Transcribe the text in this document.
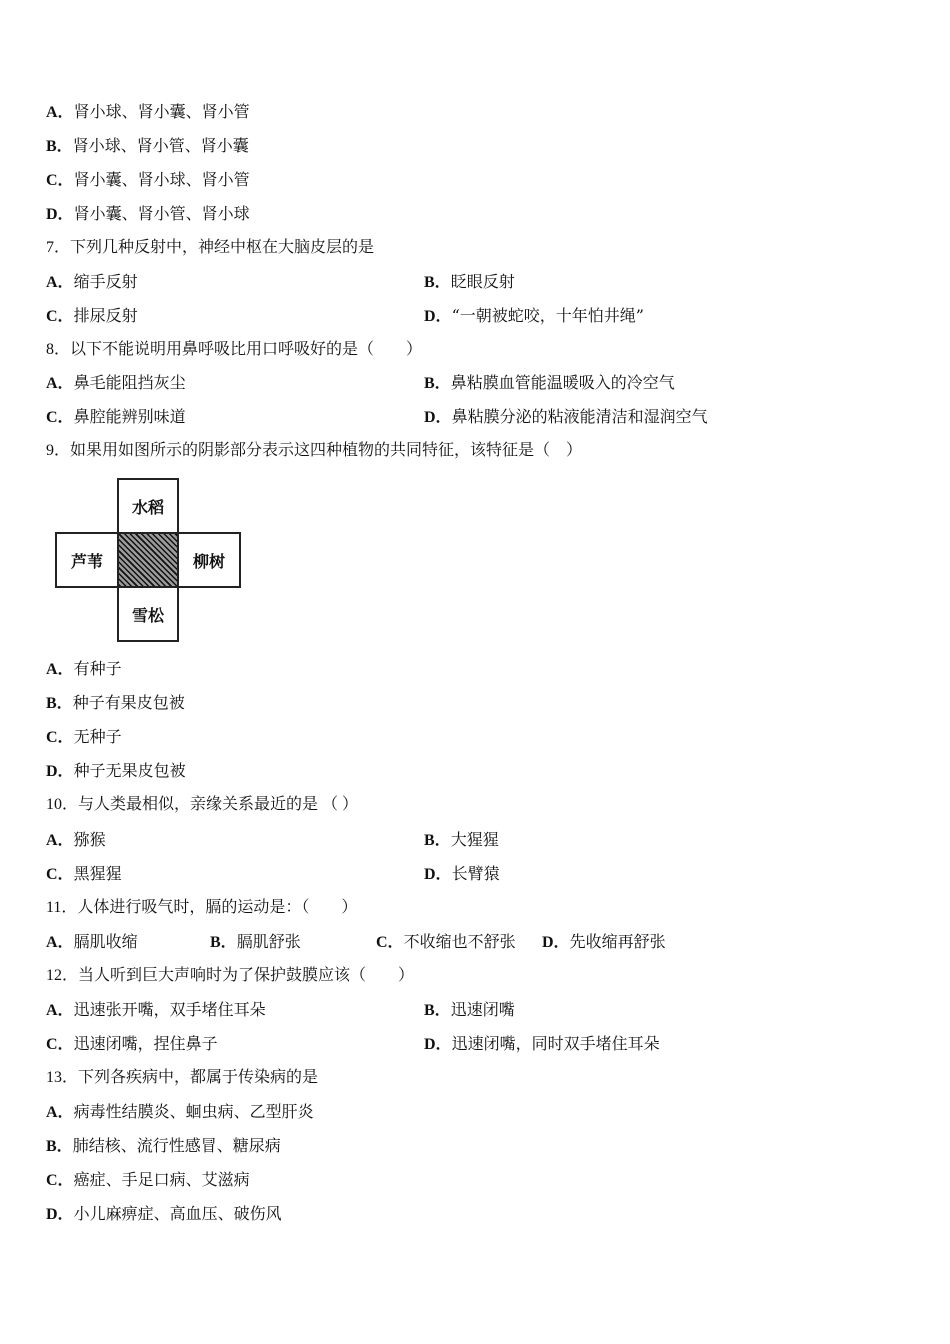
A．肾小球、肾小囊、肾小管
B．肾小球、肾小管、肾小囊
C．肾小囊、肾小球、肾小管
D．肾小囊、肾小管、肾小球
7．下列几种反射中，神经中枢在大脑皮层的是
A．缩手反射	B．眨眼反射
C．排尿反射	D．“一朝被蛇咬，十年怕井绳”
8．以下不能说明用鼻呼吸比用口呼吸好的是（　　）
A．鼻毛能阻挡灰尘	B．鼻粘膜血管能温暖吸入的冷空气
C．鼻腔能辨别味道	D．鼻粘膜分泌的粘液能清洁和湿润空气
9．如果用如图所示的阴影部分表示这四种植物的共同特征，该特征是（　）
水稻
芦苇	柳树
雪松
A．有种子
B．种子有果皮包被
C．无种子
D．种子无果皮包被
10．与人类最相似，亲缘关系最近的是 （ ）
A．猕猴	B．大猩猩
C．黑猩猩	D．长臂猿
11．人体进行吸气时，膈的运动是：（　　）
A．膈肌收缩	B．膈肌舒张	C．不收缩也不舒张 D．先收缩再舒张
12．当人听到巨大声响时为了保护鼓膜应该（　　）
A．迅速张开嘴，双手堵住耳朵	B．迅速闭嘴
C．迅速闭嘴，捏住鼻子	D．迅速闭嘴，同时双手堵住耳朵
13．下列各疾病中，都属于传染病的是
A．病毒性结膜炎、蛔虫病、乙型肝炎
B．肺结核、流行性感冒、糖尿病
C．癌症、手足口病、艾滋病
D．小儿麻痹症、高血压、破伤风
